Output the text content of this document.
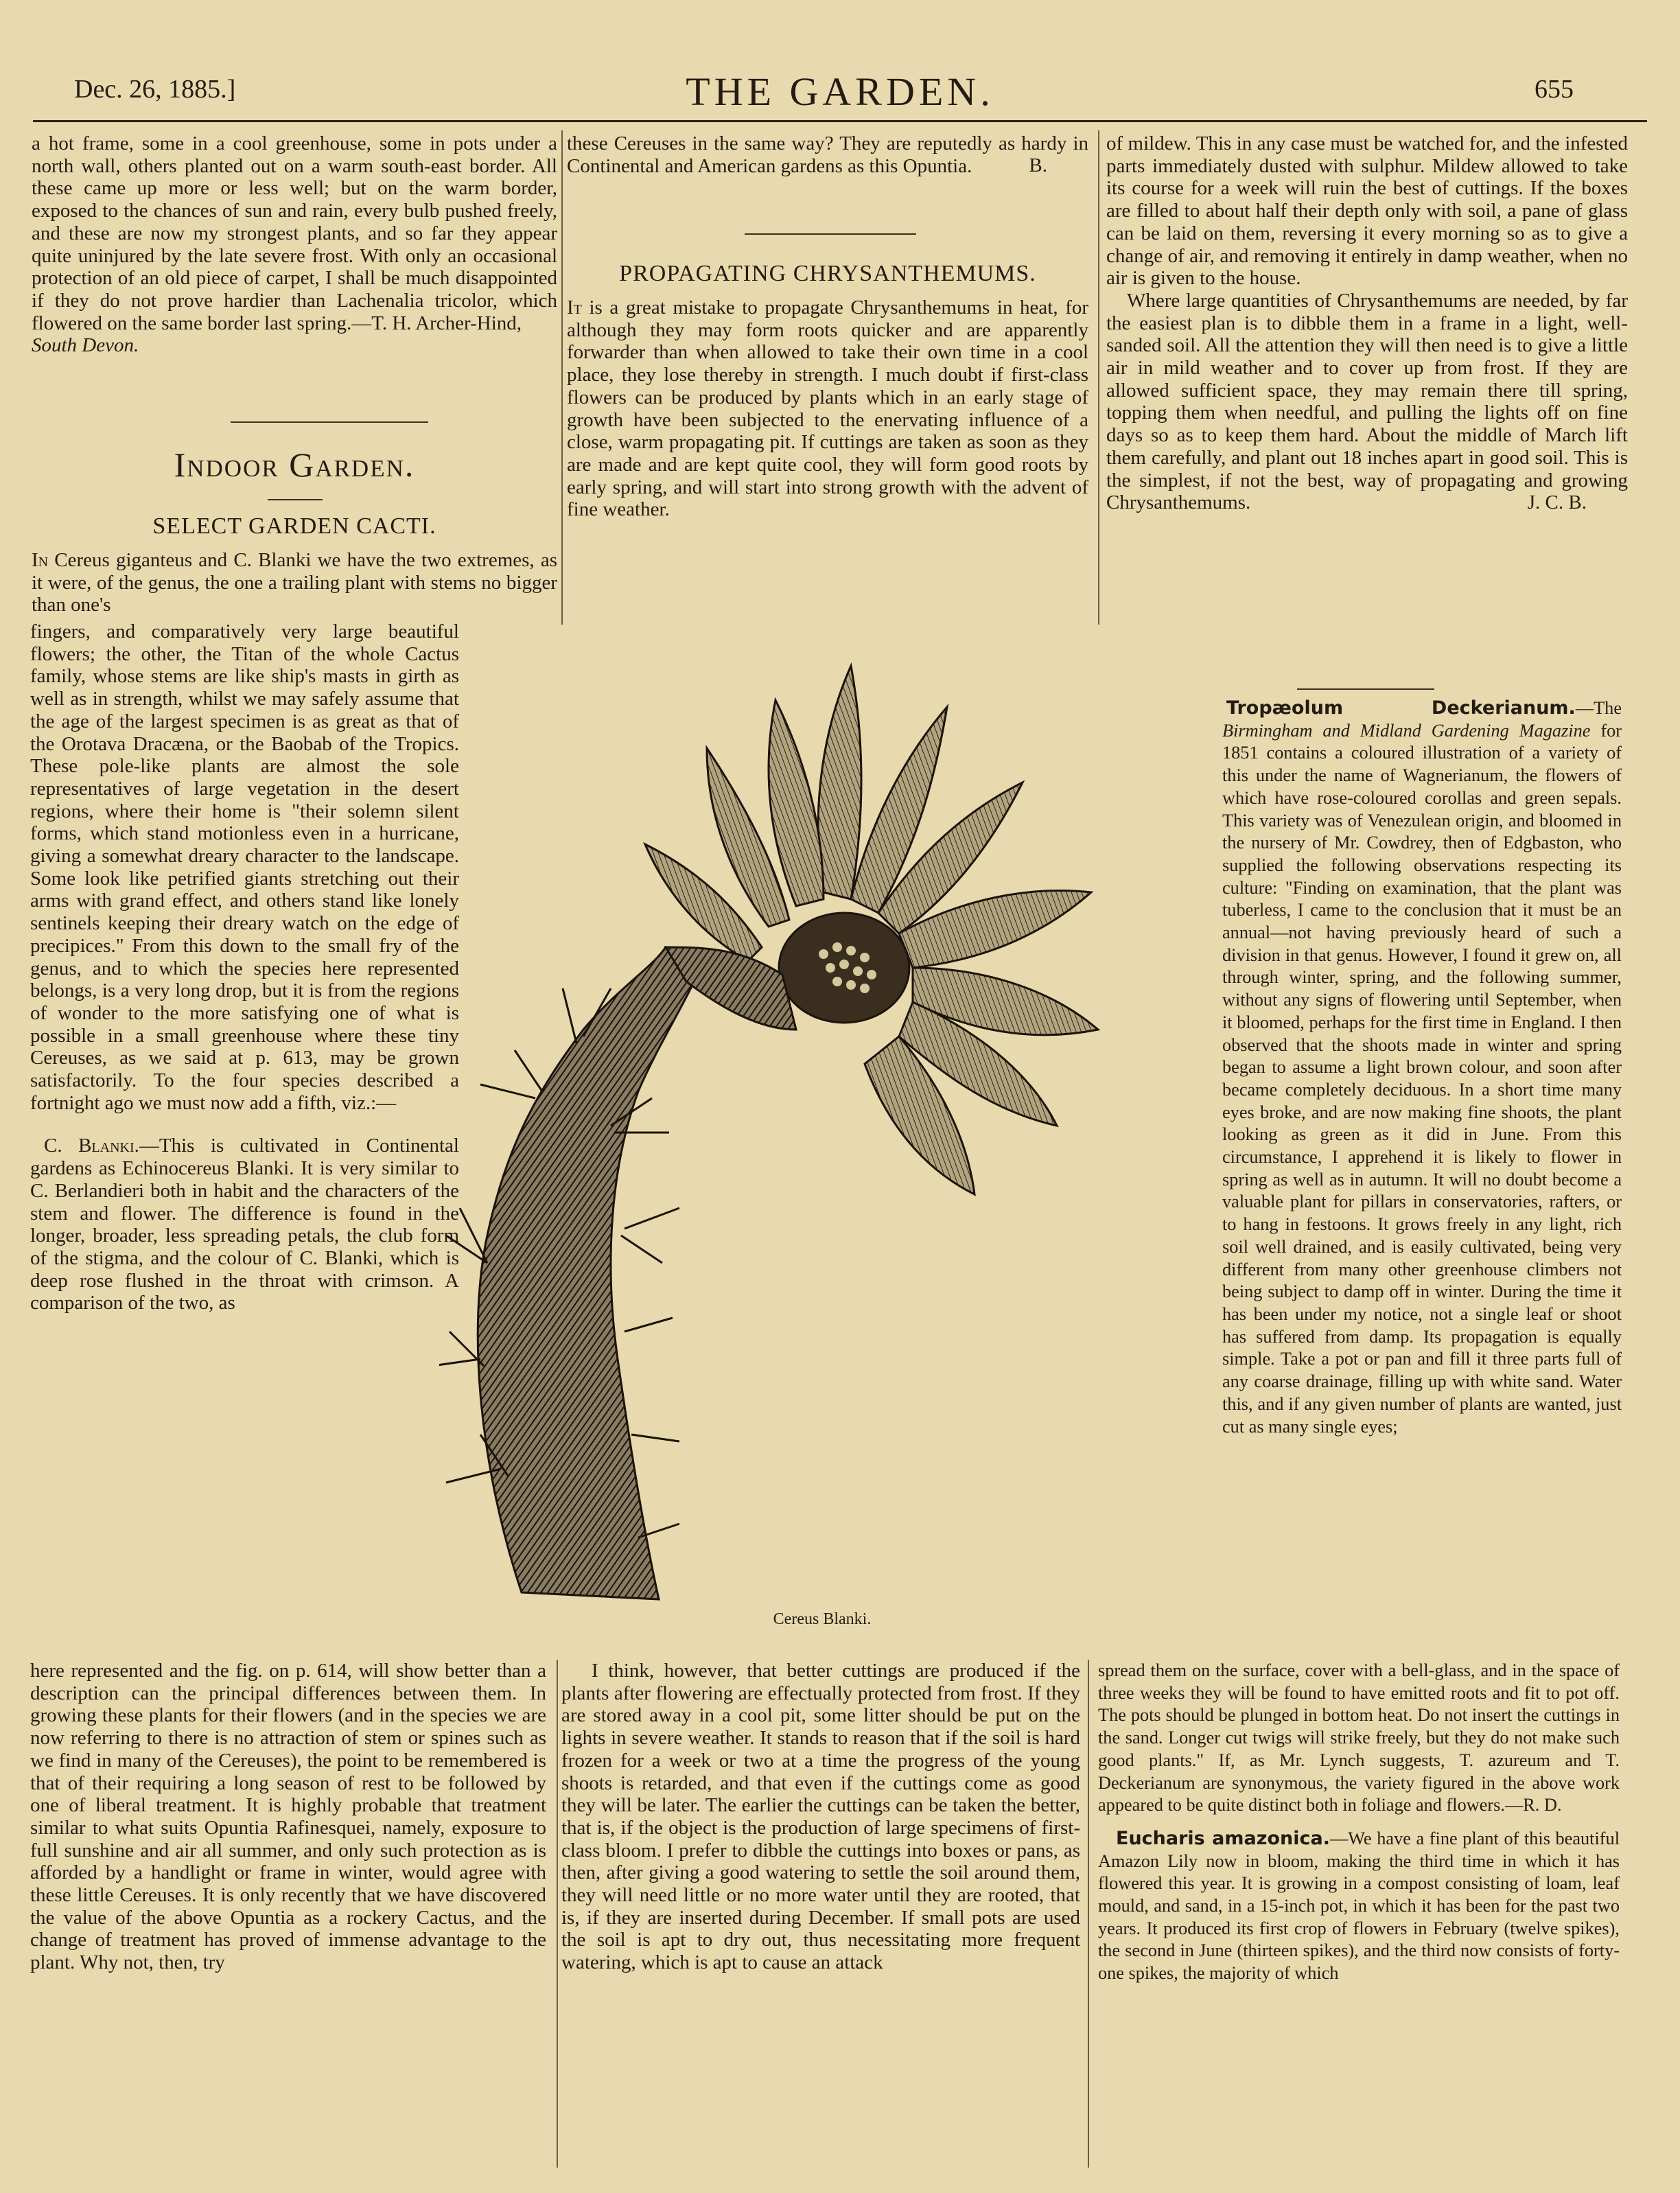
Dec. 26, 1885.]	THE GARDEN.	655

a hot frame, some in a cool greenhouse, some in pots under a north wall, others planted out on a warm south-east border. All these came up more or less well; but on the warm border, exposed to the chances of sun and rain, every bulb pushed freely, and these are now my strongest plants, and so far they appear quite uninjured by the late severe frost. With only an occasional protection of an old piece of carpet, I shall be much disappointed if they do not prove hardier than Lachenalia tricolor, which flowered on the same border last spring.—T. H. Archer-Hind,

South Devon.

Indoor Garden.
SELECT GARDEN CACTI.

In Cereus giganteus and C. Blanki we have the two extremes, as it were, of the genus, the one a trailing plant with stems no bigger than one's

fingers, and comparatively very large beautiful flowers; the other, the Titan of the whole Cactus family, whose stems are like ship's masts in girth as well as in strength, whilst we may safely assume that the age of the largest specimen is as great as that of the Orotava Dracæna, or the Baobab of the Tropics. These pole-like plants are almost the sole representatives of large vegetation in the desert regions, where their home is "their solemn silent forms, which stand motionless even in a hurricane, giving a somewhat dreary character to the landscape. Some look like petrified giants stretching out their arms with grand effect, and others stand like lonely sentinels keeping their dreary watch on the edge of precipices." From this down to the small fry of the genus, and to which the species here represented belongs, is a very long drop, but it is from the regions of wonder to the more satisfying one of what is possible in a small greenhouse where these tiny Cereuses, as we said at p. 613, may be grown satisfactorily. To the four species described a fortnight ago we must now add a fifth, viz.:—

C. Blanki.—This is cultivated in Continental gardens as Echinocereus Blanki. It is very similar to C. Berlandieri both in habit and the characters of the stem and flower. The difference is found in the longer, broader, less spreading petals, the club form of the stigma, and the colour of C. Blanki, which is deep rose flushed in the throat with crimson. A comparison of the two, as

these Cereuses in the same way? They are reputedly as hardy in Continental and American gardens as this Opuntia.	B.

PROPAGATING CHRYSANTHEMUMS.

It is a great mistake to propagate Chrysanthemums in heat, for although they may form roots quicker and are apparently forwarder than when allowed to take their own time in a cool place, they lose thereby in strength. I much doubt if first-class flowers can be produced by plants which in an early stage of growth have been subjected to the enervating influence of a close, warm propagating pit. If cuttings are taken as soon as they are made and are kept quite cool, they will form good roots by early spring, and will start into strong growth with the advent of fine weather.

of mildew. This in any case must be watched for, and the infested parts immediately dusted with sulphur. Mildew allowed to take its course for a week will ruin the best of cuttings. If the boxes are filled to about half their depth only with soil, a pane of glass can be laid on them, reversing it every morning so as to give a change of air, and removing it entirely in damp weather, when no air is given to the house.

Where large quantities of Chrysanthemums are needed, by far the easiest plan is to dibble them in a frame in a light, well-sanded soil. All the attention they will then need is to give a little air in mild weather and to cover up from frost. If they are allowed sufficient space, they may remain there till spring, topping them when needful, and pulling the lights off on fine days so as to keep them hard. About the middle of March lift them carefully, and plant out 18 inches apart in good soil. This is the simplest, if not the best, way of propagating and growing Chrysanthemums.	J. C. B.

Tropæolum Deckerianum.—The Birmingham and Midland Gardening Magazine for 1851 contains a coloured illustration of a variety of this under the name of Wagnerianum, the flowers of which have rose-coloured corollas and green sepals. This variety was of Venezulean origin, and bloomed in the nursery of Mr. Cowdrey, then of Edgbaston, who supplied the following observations respecting its culture: "Finding on examination, that the plant was tuberless, I came to the conclusion that it must be an annual—not having previously heard of such a division in that genus. However, I found it grew on, all through winter, spring, and the following summer, without any signs of flowering until September, when it bloomed, perhaps for the first time in England. I then observed that the shoots made in winter and spring began to assume a light brown colour, and soon after became completely deciduous. In a short time many eyes broke, and are now making fine shoots, the plant looking as green as it did in June. From this circumstance, I apprehend it is likely to flower in spring as well as in autumn. It will no doubt become a valuable plant for pillars in conservatories, rafters, or to hang in festoons. It grows freely in any light, rich soil well drained, and is easily cultivated, being very different from many other greenhouse climbers not being subject to damp off in winter. During the time it has been under my notice, not a single leaf or shoot has suffered from damp. Its propagation is equally simple. Take a pot or pan and fill it three parts full of any coarse drainage, filling up with white sand. Water this, and if any given number of plants are wanted, just cut as many single eyes;

Cereus Blanki.

here represented and the fig. on p. 614, will show better than a description can the principal differences between them. In growing these plants for their flowers (and in the species we are now referring to there is no attraction of stem or spines such as we find in many of the Cereuses), the point to be remembered is that of their requiring a long season of rest to be followed by one of liberal treatment. It is highly probable that treatment similar to what suits Opuntia Rafinesquei, namely, exposure to full sunshine and air all summer, and only such protection as is afforded by a handlight or frame in winter, would agree with these little Cereuses. It is only recently that we have discovered the value of the above Opuntia as a rockery Cactus, and the change of treatment has proved of immense advantage to the plant. Why not, then, try

I think, however, that better cuttings are produced if the plants after flowering are effectually protected from frost. If they are stored away in a cool pit, some litter should be put on the lights in severe weather. It stands to reason that if the soil is hard frozen for a week or two at a time the progress of the young shoots is retarded, and that even if the cuttings come as good they will be later. The earlier the cuttings can be taken the better, that is, if the object is the production of large specimens of first-class bloom. I prefer to dibble the cuttings into boxes or pans, as then, after giving a good watering to settle the soil around them, they will need little or no more water until they are rooted, that is, if they are inserted during December. If small pots are used the soil is apt to dry out, thus necessitating more frequent watering, which is apt to cause an attack

spread them on the surface, cover with a bell-glass, and in the space of three weeks they will be found to have emitted roots and fit to pot off. The pots should be plunged in bottom heat. Do not insert the cuttings in the sand. Longer cut twigs will strike freely, but they do not make such good plants." If, as Mr. Lynch suggests, T. azureum and T. Deckerianum are synonymous, the variety figured in the above work appeared to be quite distinct both in foliage and flowers.—R. D.

Eucharis amazonica.—We have a fine plant of this beautiful Amazon Lily now in bloom, making the third time in which it has flowered this year. It is growing in a compost consisting of loam, leaf mould, and sand, in a 15-inch pot, in which it has been for the past two years. It produced its first crop of flowers in February (twelve spikes), the second in June (thirteen spikes), and the third now consists of forty-one spikes, the majority of which
